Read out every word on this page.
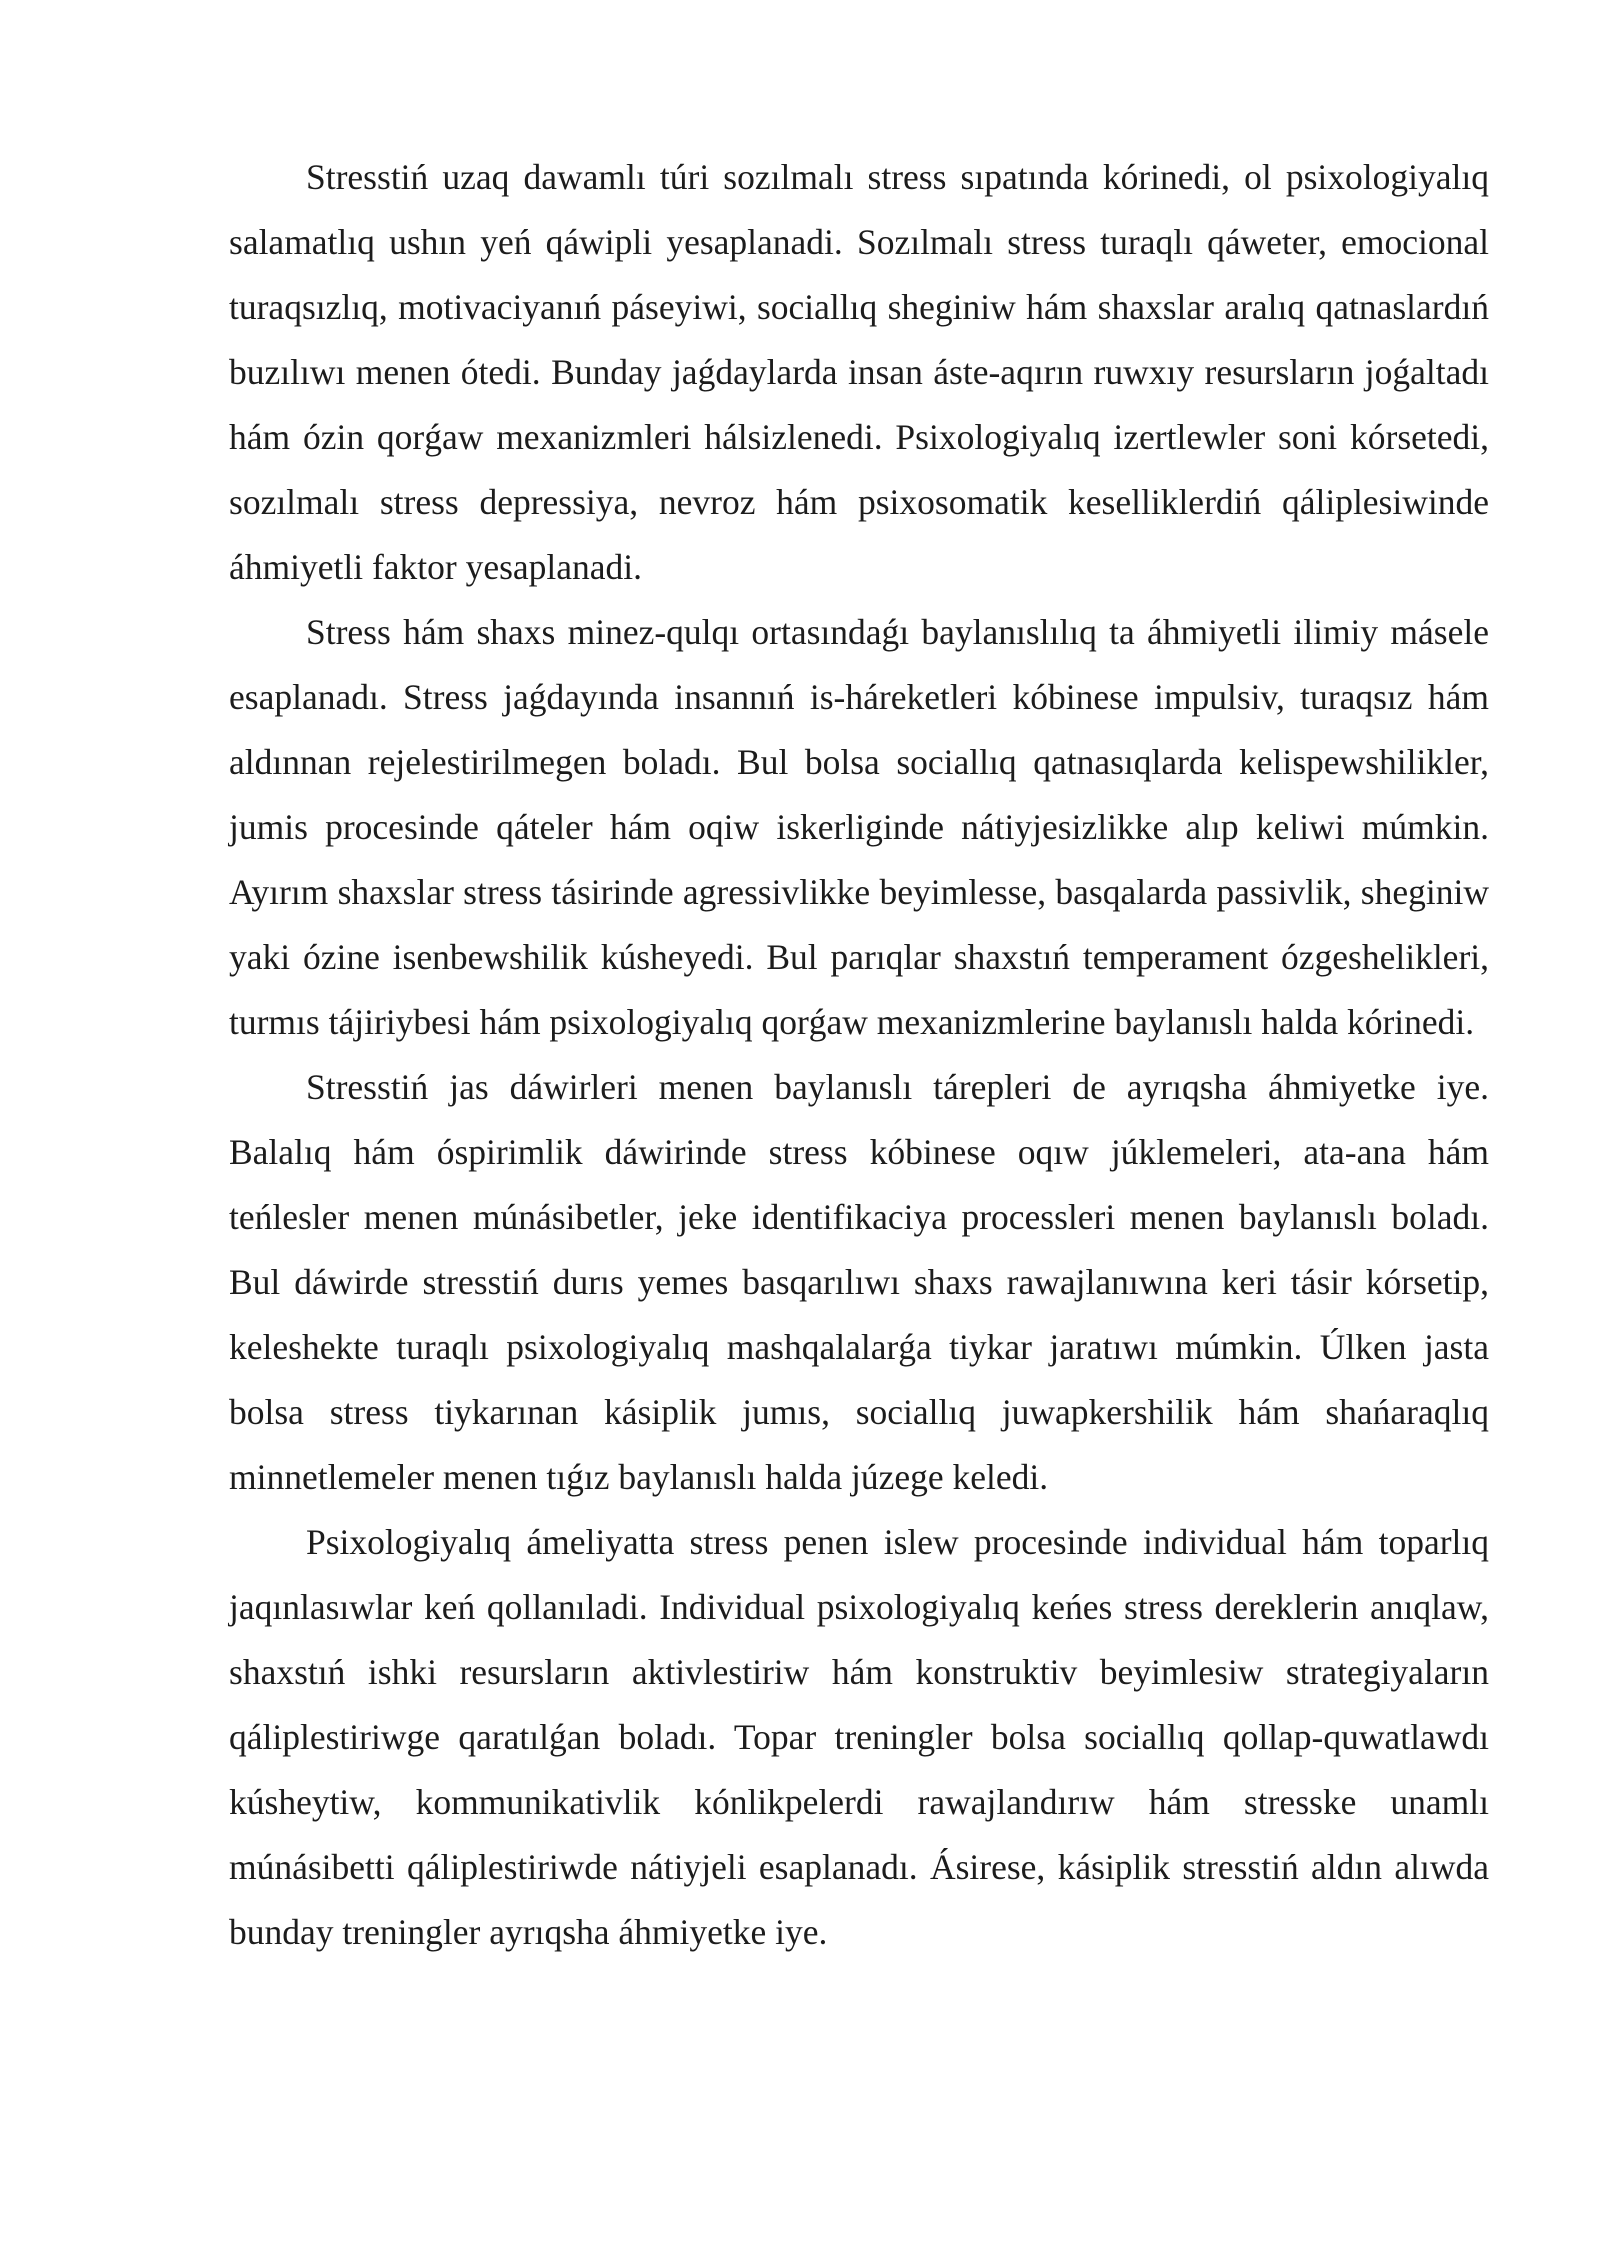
Stresstiń uzaq dawamlı túri sozılmalı stress sıpatında kórinedi, ol psixologiyalıq salamatlıq ushın yeń qáwipli yesaplanadi. Sozılmalı stress turaqlı qáweter, emocional turaqsızlıq, motivaciyanıń páseyiwi, sociallıq sheginiw hám shaxslar aralıq qatnaslardıń buzılıwı menen ótedi. Bunday jaǵdaylarda insan áste-aqırın ruwxıy resursların joǵaltadı hám ózin qorǵaw mexanizmleri hálsizlenedi. Psixologiyalıq izertlewler soni kórsetedi, sozılmalı stress depressiya, nevroz hám psixosomatik keselliklerdiń qáliplesiwinde áhmiyetli faktor yesaplanadi.

Stress hám shaxs minez-qulqı ortasındaǵı baylanıslılıq ta áhmiyetli ilimiy másele esaplanadı. Stress jaǵdayında insannıń is-háreketleri kóbinese impulsiv, turaqsız hám aldınnan rejelestirilmegen boladı. Bul bolsa sociallıq qatnasıqlarda kelispewshilikler, jumis procesinde qáteler hám oqiw iskerliginde nátiyjesizlikke alıp keliwi múmkin. Ayırım shaxslar stress tásirinde agressivlikke beyimlesse, basqalarda passivlik, sheginiw yaki ózine isenbewshilik kúsheyedi. Bul parıqlar shaxstıń temperament ózgeshelikleri, turmıs tájiriybesi hám psixologiyalıq qorǵaw mexanizmlerine baylanıslı halda kórinedi.

Stresstiń jas dáwirleri menen baylanıslı tárepleri de ayrıqsha áhmiyetke iye. Balalıq hám óspirimlik dáwirinde stress kóbinese oqıw júklemeleri, ata-ana hám teńlesler menen múnásibetler, jeke identifikaciya processleri menen baylanıslı boladı. Bul dáwirde stresstiń durıs yemes basqarılıwı shaxs rawajlanıwına keri tásir kórsetip, keleshekte turaqlı psixologiyalıq mashqalalarǵa tiykar jaratıwı múmkin. Úlken jasta bolsa stress tiykarınan kásiplik jumıs, sociallıq juwapkershilik hám shańaraqlıq minnetlemeler menen tıǵız baylanıslı halda júzege keledi.

Psixologiyalıq ámeliyatta stress penen islew procesinde individual hám toparlıq jaqınlasıwlar keń qollanıladi. Individual psixologiyalıq keńes stress dereklerin anıqlaw, shaxstıń ishki resursların aktivlestiriw hám konstruktiv beyimlesiw strategiyaların qáliplestiriwge qaratılǵan boladı. Topar treningler bolsa sociallıq qollap-quwatlawdı kúsheytiw, kommunikativlik kónlikpelerdi rawajlandırıw hám stresske unamlı múnásibetti qáliplestiriwde nátiyjeli esaplanadı. Ásirese, kásiplik stresstiń aldın alıwda bunday treningler ayrıqsha áhmiyetke iye.
